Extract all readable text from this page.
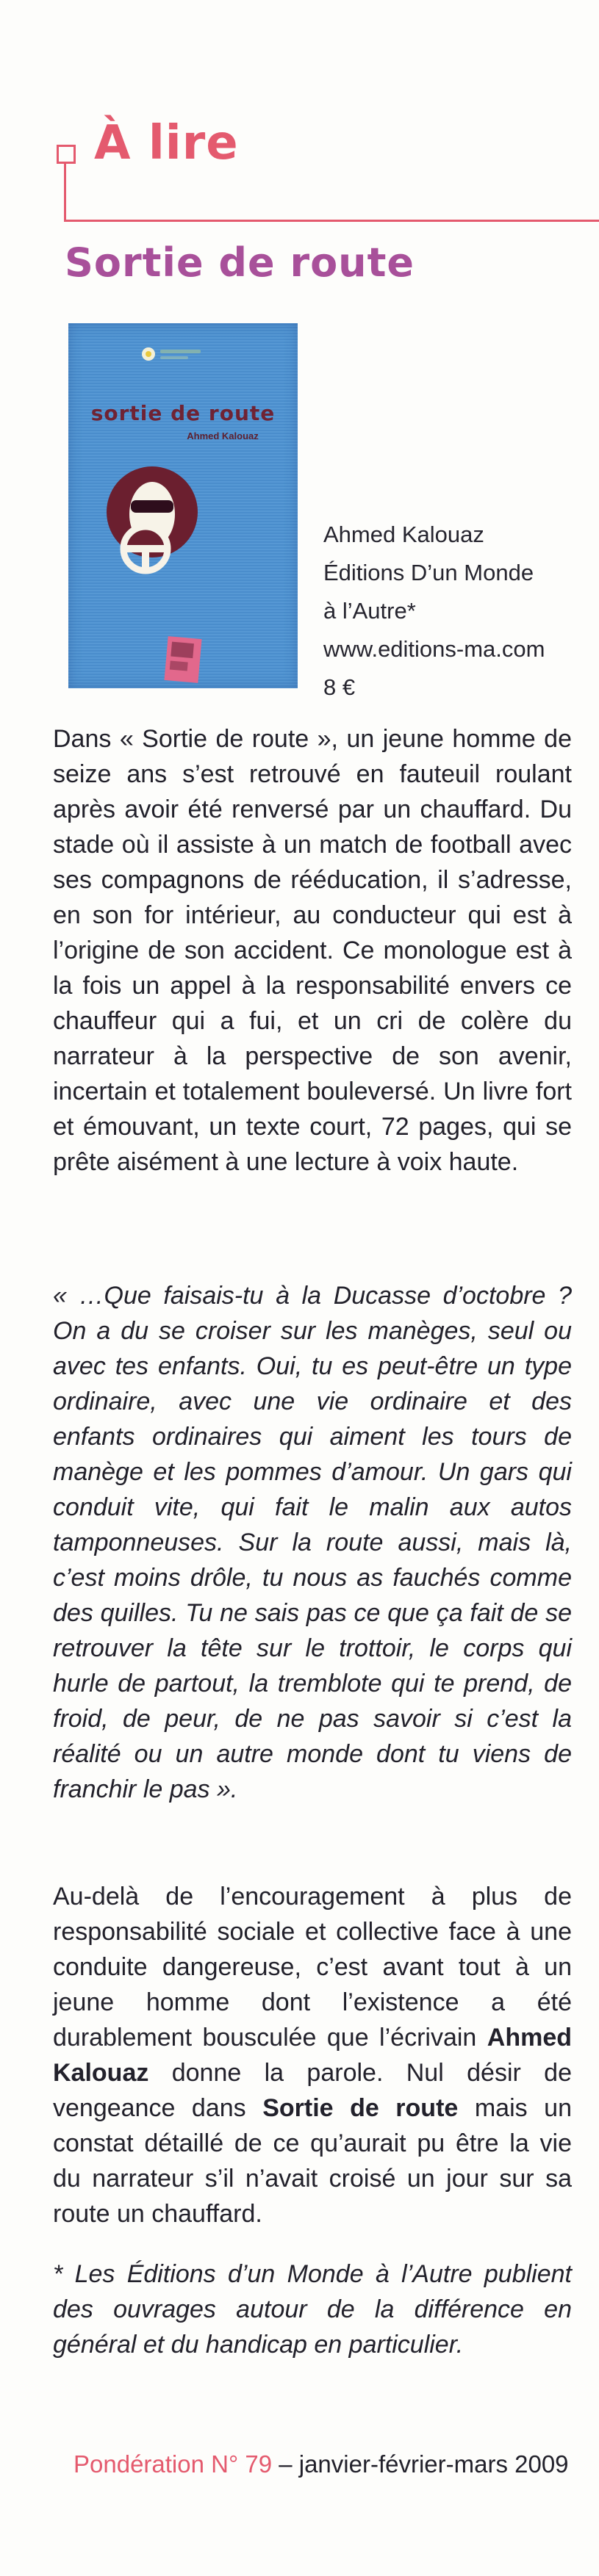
À lire
Sortie de route
sortie de route
Ahmed Kalouaz
Ahmed Kalouaz
Éditions D’un Monde
à l’Autre*
www.editions-ma.com
8 €

Dans « Sortie de route », un jeune homme de seize ans s’est retrouvé en fauteuil roulant après avoir été renversé par un chauffard. Du stade où il assiste à un match de football avec ses compagnons de rééducation, il s’adresse, en son for intérieur, au conducteur qui est à l’origine de son accident. Ce monologue est à la fois un appel à la responsabilité envers ce chauffeur qui a fui, et un cri de colère du narrateur à la perspective de son avenir, incertain et totalement bouleversé. Un livre fort et émouvant, un texte court, 72 pages, qui se prête aisément à une lecture à voix haute.

« …Que faisais-tu à la Ducasse d’octobre ? On a du se croiser sur les manèges, seul ou avec tes enfants. Oui, tu es peut-être un type ordinaire, avec une vie ordinaire et des enfants ordinaires qui aiment les tours de manège et les pommes d’amour. Un gars qui conduit vite, qui fait le malin aux autos tamponneuses. Sur la route aussi, mais là, c’est moins drôle, tu nous as fauchés comme des quilles. Tu ne sais pas ce que ça fait de se retrouver la tête sur le trottoir, le corps qui hurle de partout, la tremblote qui te prend, de froid, de peur, de ne pas savoir si c’est la réalité ou un autre monde dont tu viens de franchir le pas ».

Au-delà de l’encouragement à plus de responsabilité sociale et collective face à une conduite dangereuse, c’est avant tout à un jeune homme dont l’existence a été durablement bousculée que l’écrivain Ahmed Kalouaz donne la parole. Nul désir de vengeance dans Sortie de route mais un constat détaillé de ce qu’aurait pu être la vie du narrateur s’il n’avait croisé un jour sur sa route un chauffard.

* Les Éditions d’un Monde à l’Autre publient des ouvrages autour de la différence en général et du handicap en particulier.

Pondération N° 79 – janvier-février-mars 2009
